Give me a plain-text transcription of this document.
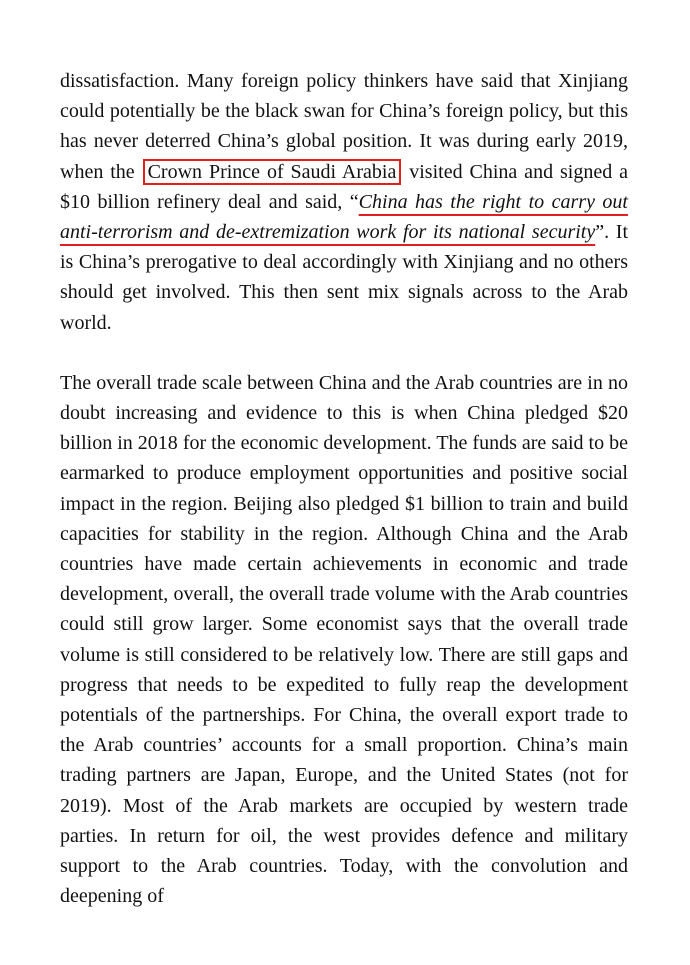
dissatisfaction. Many foreign policy thinkers have said that Xinjiang could potentially be the black swan for China’s foreign policy, but this has never deterred China’s global position. It was during early 2019, when the Crown Prince of Saudi Arabia visited China and signed a $10 billion refinery deal and said, “China has the right to carry out anti-terrorism and de-extremization work for its national security”. It is China’s prerogative to deal accordingly with Xinjiang and no others should get involved. This then sent mix signals across to the Arab world.

The overall trade scale between China and the Arab countries are in no doubt increasing and evidence to this is when China pledged $20 billion in 2018 for the economic development. The funds are said to be earmarked to produce employment opportunities and positive social impact in the region. Beijing also pledged $1 billion to train and build capacities for stability in the region. Although China and the Arab countries have made certain achievements in economic and trade development, overall, the overall trade volume with the Arab countries could still grow larger. Some economist says that the overall trade volume is still considered to be relatively low. There are still gaps and progress that needs to be expedited to fully reap the development potentials of the partnerships. For China, the overall export trade to the Arab countries’ accounts for a small proportion. China’s main trading partners are Japan, Europe, and the United States (not for 2019). Most of the Arab markets are occupied by western trade parties. In return for oil, the west provides defence and military support to the Arab countries. Today, with the convolution and deepening of
